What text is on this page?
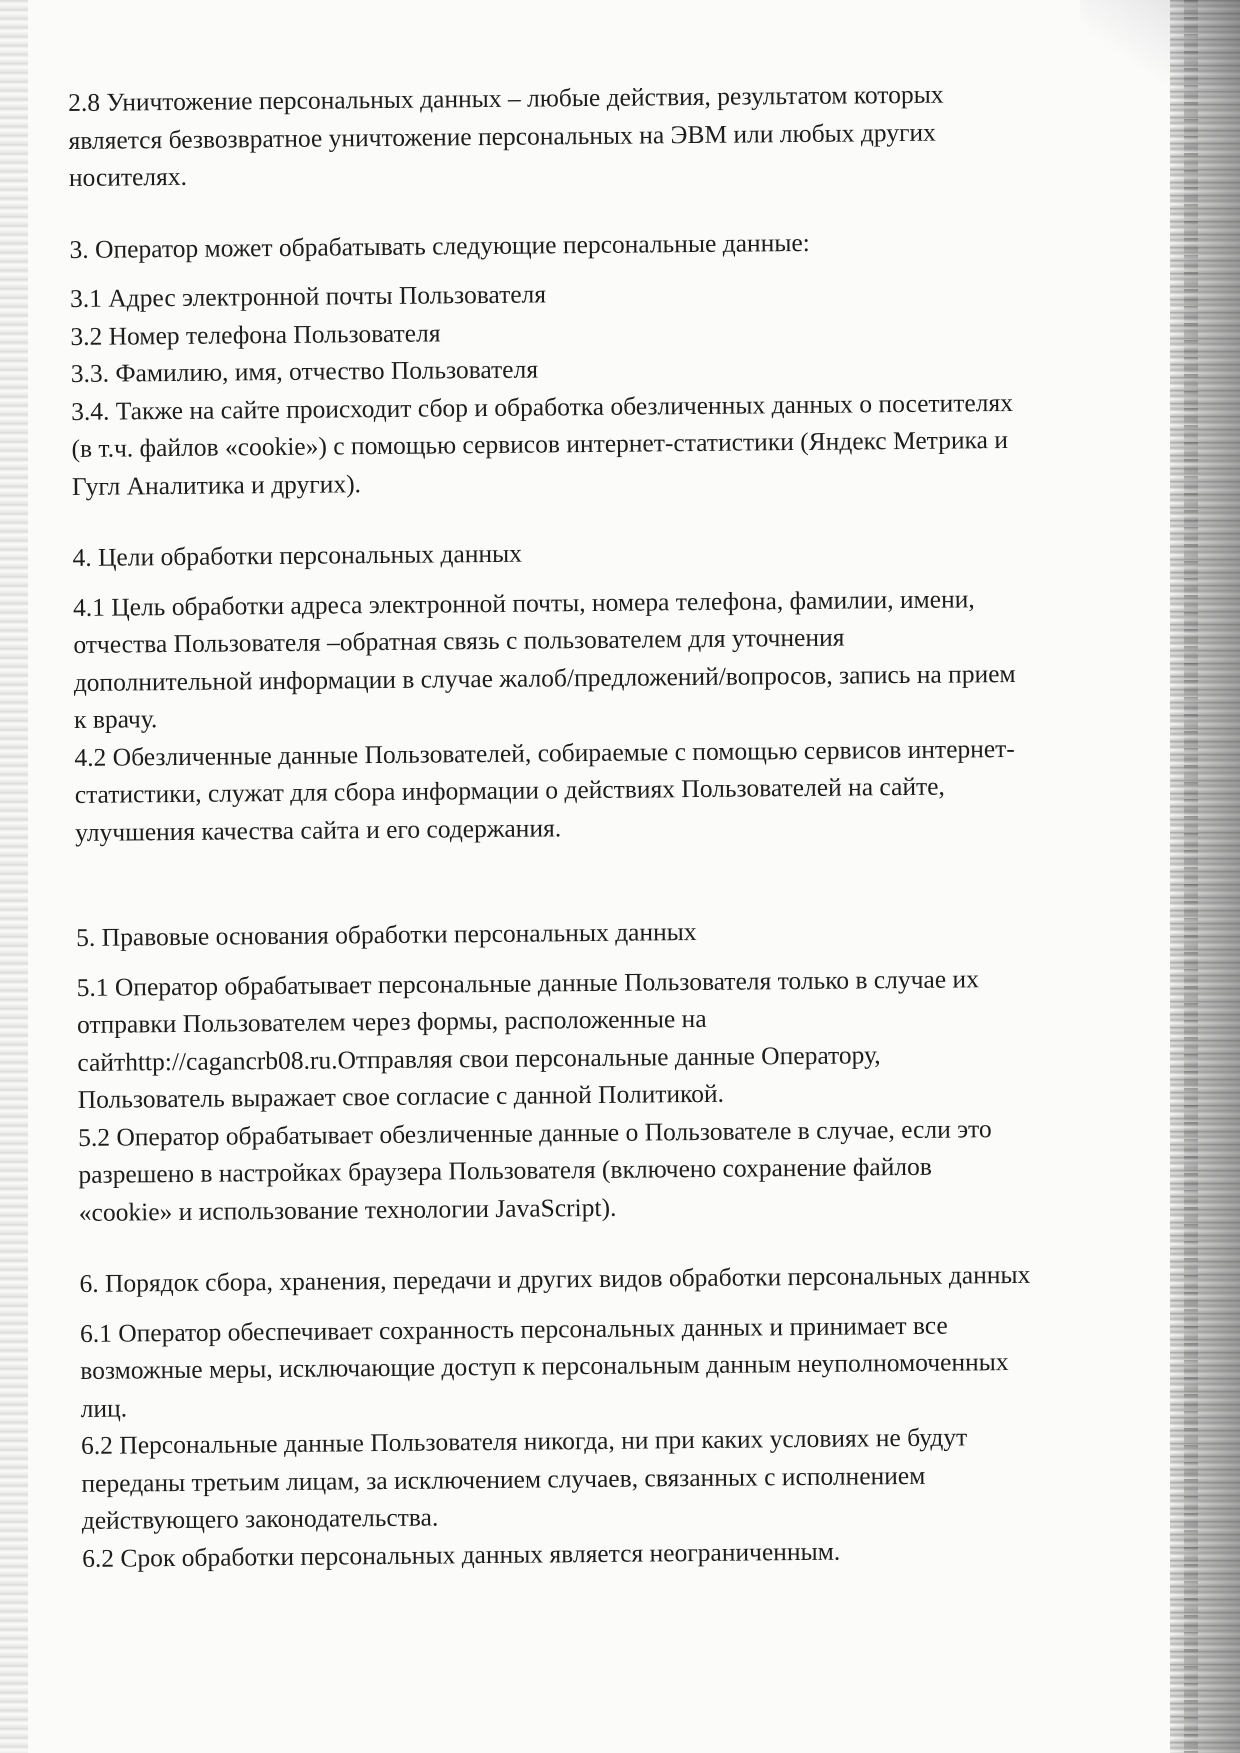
2.8 Уничтожение персональных данных – любые действия, результатом которых
является безвозвратное уничтожение персональных на ЭВМ или любых других
носителях.

3. Оператор может обрабатывать следующие персональные данные:

3.1 Адрес электронной почты Пользователя
3.2 Номер телефона Пользователя
3.3. Фамилию, имя, отчество Пользователя
3.4. Также на сайте происходит сбор и обработка обезличенных данных о посетителях
(в т.ч. файлов «cookie») с помощью сервисов интернет-статистики (Яндекс Метрика и
Гугл Аналитика и других).

4. Цели обработки персональных данных

4.1 Цель обработки адреса электронной почты, номера телефона, фамилии, имени,
отчества Пользователя –обратная связь с пользователем для уточнения
дополнительной информации в случае жалоб/предложений/вопросов, запись на прием
к врачу.
4.2 Обезличенные данные Пользователей, собираемые с помощью сервисов интернет-
статистики, служат для сбора информации о действиях Пользователей на сайте,
улучшения качества сайта и его содержания.

5. Правовые основания обработки персональных данных

5.1 Оператор обрабатывает персональные данные Пользователя только в случае их
отправки Пользователем через формы, расположенные на
сайтhttp://cagancrb08.ru.Отправляя свои персональные данные Оператору,
Пользователь выражает свое согласие с данной Политикой.
5.2 Оператор обрабатывает обезличенные данные о Пользователе в случае, если это
разрешено в настройках браузера Пользователя (включено сохранение файлов
«cookie» и использование технологии JavaScript).

6. Порядок сбора, хранения, передачи и других видов обработки персональных данных

6.1 Оператор обеспечивает сохранность персональных данных и принимает все
возможные меры, исключающие доступ к персональным данным неуполномоченных
лиц.
6.2 Персональные данные Пользователя никогда, ни при каких условиях не будут
переданы третьим лицам, за исключением случаев, связанных с исполнением
действующего законодательства.
6.2 Срок обработки персональных данных является неограниченным.
